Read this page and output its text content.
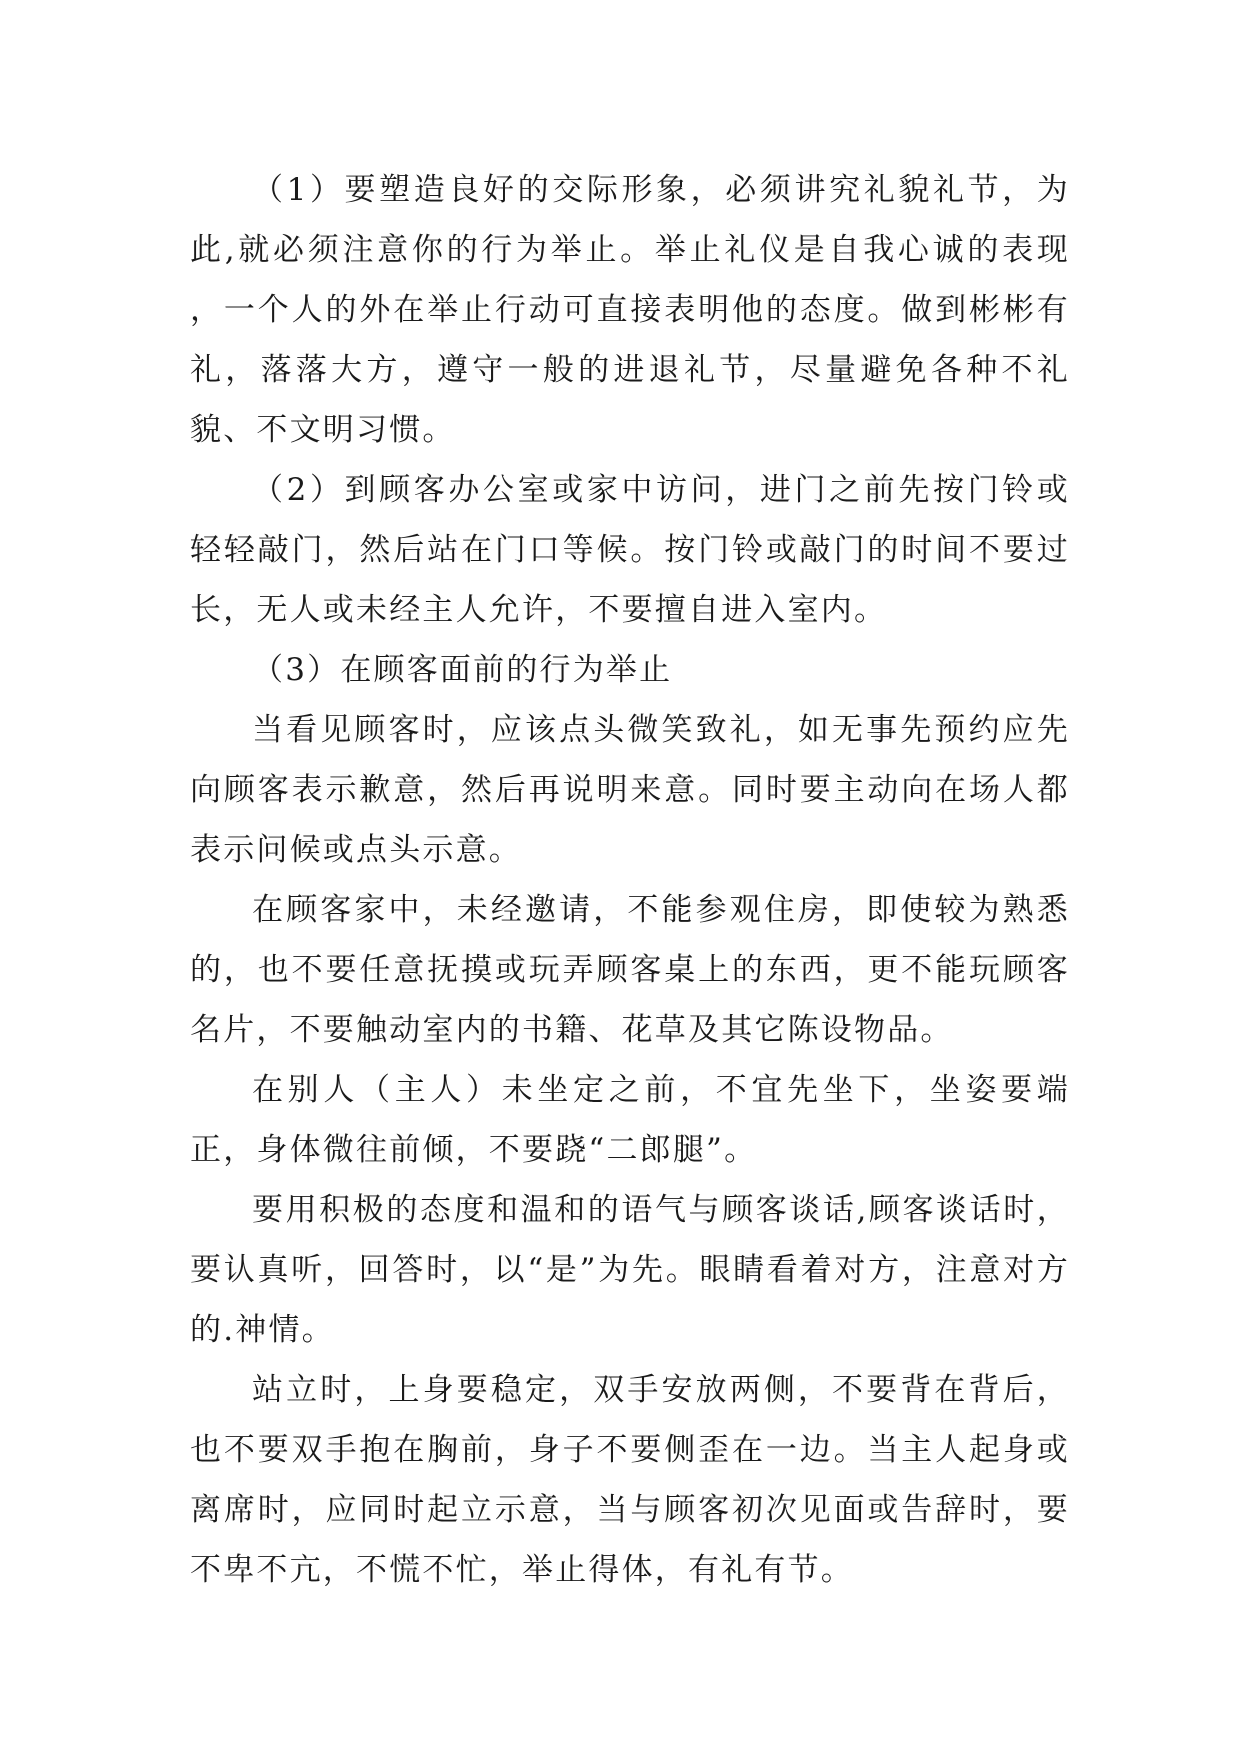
（1）要塑造良好的交际形象，必须讲究礼貌礼节，为此,就必须注意你的行为举止。举止礼仪是自我心诚的表现 ，一个人的外在举止行动可直接表明他的态度。做到彬彬有礼，落落大方，遵守一般的进退礼节，尽量避免各种不礼貌、不文明习惯。

（2）到顾客办公室或家中访问，进门之前先按门铃或轻轻敲门，然后站在门口等候。按门铃或敲门的时间不要过长，无人或未经主人允许，不要擅自进入室内。

（3）在顾客面前的行为举止

当看见顾客时，应该点头微笑致礼，如无事先预约应先向顾客表示歉意，然后再说明来意。同时要主动向在场人都表示问候或点头示意。

在顾客家中，未经邀请，不能参观住房，即使较为熟悉的，也不要任意抚摸或玩弄顾客桌上的东西，更不能玩顾客名片，不要触动室内的书籍、花草及其它陈设物品。

在别人（主人）未坐定之前，不宜先坐下，坐姿要端正，身体微往前倾，不要跷“二郎腿”。

要用积极的态度和温和的语气与顾客谈话,顾客谈话时，要认真听，回答时，以“是”为先。眼睛看着对方，注意对方的.神情。

站立时，上身要稳定，双手安放两侧，不要背在背后，也不要双手抱在胸前，身子不要侧歪在一边。当主人起身或离席时，应同时起立示意，当与顾客初次见面或告辞时，要不卑不亢，不慌不忙，举止得体，有礼有节。
